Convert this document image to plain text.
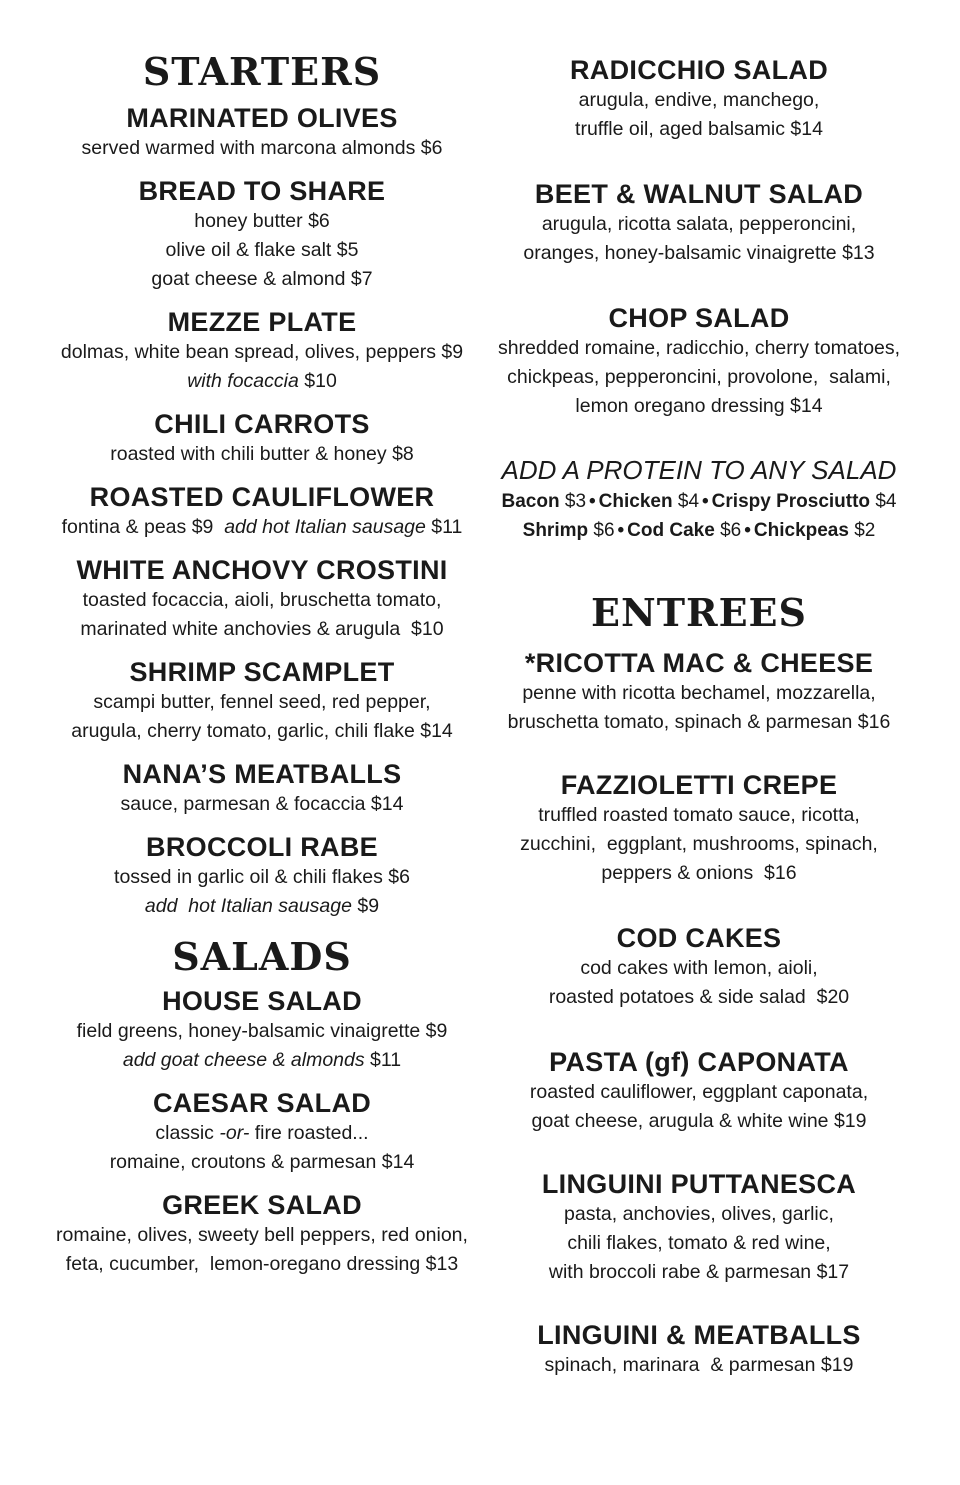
STARTERS

MARINATED OLIVES

served warmed with marcona almonds $6

BREAD TO SHARE

honey butter $6

olive oil & flake salt $5

goat cheese & almond $7

MEZZE PLATE

dolmas, white bean spread, olives, peppers $9

with focaccia $10

CHILI CARROTS

roasted with chili butter & honey $8

ROASTED CAULIFLOWER

fontina & peas $9  add hot Italian sausage $11

WHITE ANCHOVY CROSTINI

toasted focaccia, aioli, bruschetta tomato,

marinated white anchovies & arugula  $10

SHRIMP SCAMPLET

scampi butter, fennel seed, red pepper,

arugula, cherry tomato, garlic, chili flake $14

NANA’S MEATBALLS

sauce, parmesan & focaccia $14

BROCCOLI RABE

tossed in garlic oil & chili flakes $6

add  hot Italian sausage $9

SALADS

HOUSE SALAD

field greens, honey-balsamic vinaigrette $9

add goat cheese & almonds $11

CAESAR SALAD

classic -or- fire roasted...

romaine, croutons & parmesan $14

GREEK SALAD

romaine, olives, sweety bell peppers, red onion,

feta, cucumber,  lemon-oregano dressing $13

RADICCHIO SALAD

arugula, endive, manchego,

truffle oil, aged balsamic $14

BEET & WALNUT SALAD

arugula, ricotta salata, pepperoncini,

oranges, honey-balsamic vinaigrette $13

CHOP SALAD

shredded romaine, radicchio, cherry tomatoes,

chickpeas, pepperoncini, provolone,  salami,

lemon oregano dressing $14

ADD A PROTEIN TO ANY SALAD

Bacon $3 • Chicken $4 • Crispy Prosciutto $4

Shrimp $6 • Cod Cake $6 • Chickpeas $2

ENTREES

*RICOTTA MAC & CHEESE

penne with ricotta bechamel, mozzarella,

bruschetta tomato, spinach & parmesan $16

FAZZIOLETTI CREPE

truffled roasted tomato sauce, ricotta,

zucchini,  eggplant, mushrooms, spinach,

peppers & onions  $16

COD CAKES

cod cakes with lemon, aioli,

roasted potatoes & side salad  $20

PASTA (gf) CAPONATA

roasted cauliflower, eggplant caponata,

goat cheese, arugula & white wine $19

LINGUINI PUTTANESCA

pasta, anchovies, olives, garlic,

chili flakes, tomato & red wine,

with broccoli rabe & parmesan $17

LINGUINI & MEATBALLS

spinach, marinara  & parmesan $19
